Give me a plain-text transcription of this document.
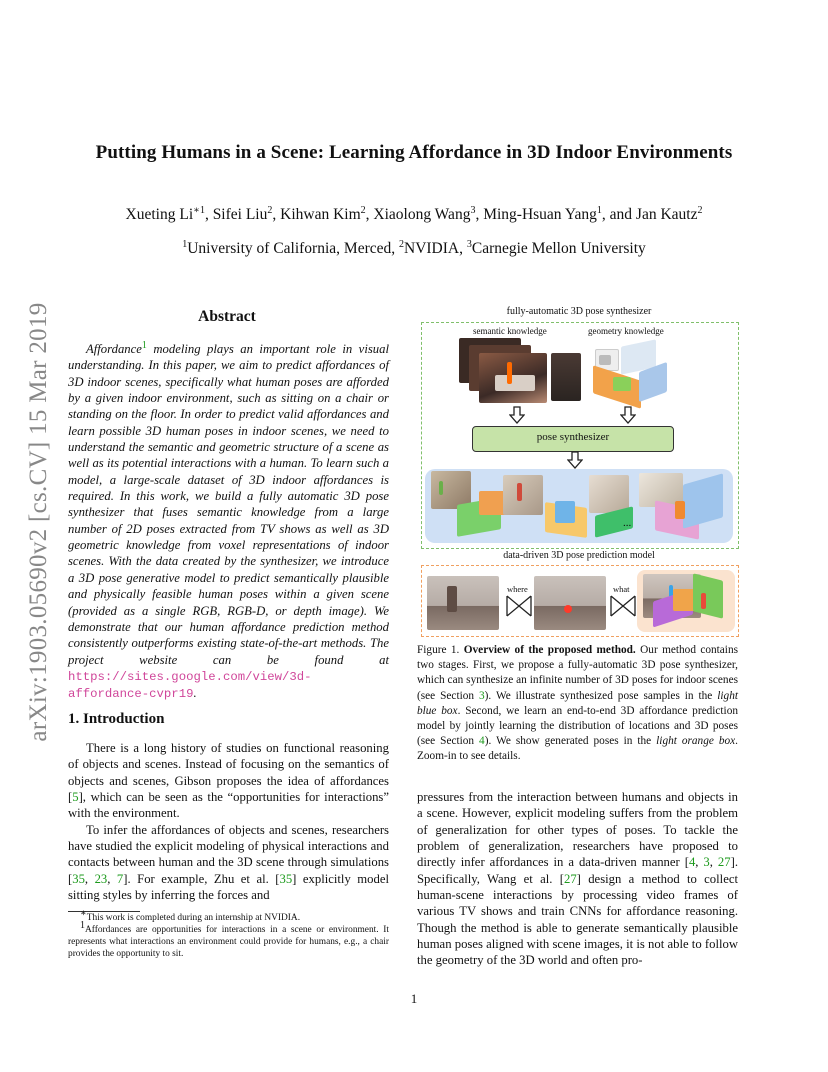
Putting Humans in a Scene: Learning Affordance in 3D Indoor Environments
Xueting $Li^{∗1}$, Sifei Liu$^2$, Kihwan Kim$^2$, Xiaolong Wang$^3$, Ming-Hsuan Yang$^1$, and Jan Kautz$^2$
$^1$University of California, Merced, $^2$NVIDIA, $^3$Carnegie Mellon University
arXiv:1903.05690v2 [cs.CV] 15 Mar 2019	Abstract
Affordance$^1$ modeling plays an important role in visual understanding. In this paper, we aim to predict affordances of 3D indoor scenes, specifically what human poses are afforded by a given indoor environment, such as sitting on a chair or standing on the floor. In order to predict valid affordances and learn possible 3D human poses in indoor scenes, we need to understand the semantic and geometric structure of a scene as well as its potential interactions with a human. To learn such a model, a large-scale dataset of 3D indoor affordances is required. In this work, we build a fully automatic 3D pose synthesizer that fuses semantic knowledge from a large number of 2D poses extracted from TV shows as well as 3D geometric knowledge from voxel representations of indoor scenes. With the data created by the synthesizer, we introduce a 3D pose generative model to predict semantically plausible and physically feasible human poses within a given scene (provided as a single RGB, RGB-D, or depth image). We demonstrate that our human affordance prediction method consistently outperforms existing state-of-the-art methods. The project website can be found at https://sites.google.com/view/3d-affordance-cvpr19.
1. Introduction

There is a long history of studies on functional reasoning of objects and scenes. Instead of focusing on the semantics of objects and scenes, Gibson proposes the idea of affordances [5], which can be seen as the “opportunities for interactions” with the environment.

To infer the affordances of objects and scenes, researchers have studied the explicit modeling of physical interactions and contacts between human and the 3D scene through simulations [35, 23, 7]. For example, Zhu et al. [35] explicitly model sitting styles by inferring the forces and

∗This work is completed during an internship at NVIDIA.

$^1$Affordances are opportunities for interactions in a scene or environment. It represents what interactions an environment could provide for humans, e.g., a chair provides the opportunity to sit.

fully-automatic 3D pose synthesizer
semantic knowledge	geometry knowledge
pose synthesizer
...
data-driven 3D pose prediction model
where	what
Figure 1. Overview of the proposed method. Our method contains two stages. First, we propose a fully-automatic 3D pose synthesizer, which can synthesize an infinite number of 3D poses for indoor scenes (see Section 3). We illustrate synthesized pose samples in the light blue box. Second, we learn an end-to-end 3D affordance prediction model by jointly learning the distribution of locations and 3D poses (see Section 4). We show generated poses in the light orange box. Zoom-in to see details.
pressures from the interaction between humans and objects in a scene. However, explicit modeling suffers from the problem of generalization for other types of poses. To tackle the problem of generalization, researchers have proposed to directly infer affordances in a data-driven manner [4, 3, 27]. Specifically, Wang et al. [27] design a method to collect human-scene interactions by processing video frames of various TV shows and train CNNs for affordance reasoning. Though the method is able to generate semantically plausible human poses aligned with scene images, it is not able to follow the geometry of the 3D world and often pro-
1
